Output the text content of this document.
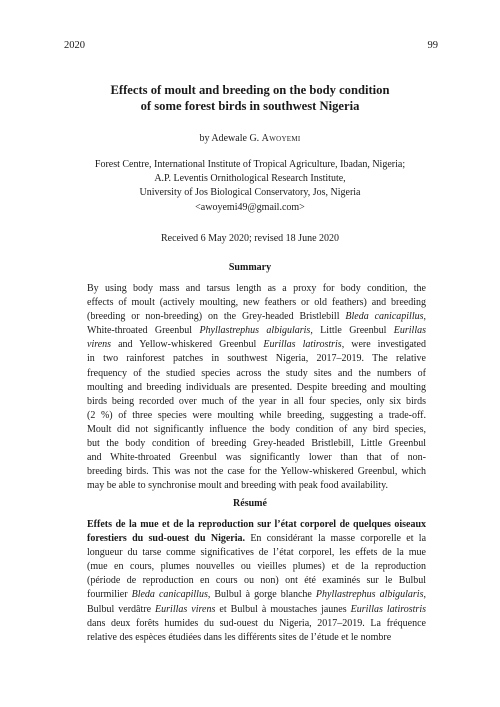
2020	99
Effects of moult and breeding on the body condition
of some forest birds in southwest Nigeria
by Adewale G. Awoyemi
Forest Centre, International Institute of Tropical Agriculture, Ibadan, Nigeria;
A.P. Leventis Ornithological Research Institute,
University of Jos Biological Conservatory, Jos, Nigeria
<awoyemi49@gmail.com>
Received 6 May 2020; revised 18 June 2020
Summary
By using body mass and tarsus length as a proxy for body condition, the
effects of moult (actively moulting, new feathers or old feathers) and breeding
(breeding or non-breeding) on the Grey-headed Bristlebill Bleda canicapillus,
White-throated Greenbul Phyllastrephus albigularis, Little Greenbul Eurillas
virens and Yellow-whiskered Greenbul Eurillas latirostris, were investigated
in two rainforest patches in southwest Nigeria, 2017–2019. The relative
frequency of the studied species across the study sites and the numbers of
moulting and breeding individuals are presented. Despite breeding and moulting
birds being recorded over much of the year in all four species, only six birds
(2 %) of three species were moulting while breeding, suggesting a trade-off.
Moult did not significantly influence the body condition of any bird species,
but the body condition of breeding Grey-headed Bristlebill, Little Greenbul
and White-throated Greenbul was significantly lower than that of non-
breeding birds. This was not the case for the Yellow-whiskered Greenbul, which
may be able to synchronise moult and breeding with peak food availability.
Résumé
Effets de la mue et de la reproduction sur l’état corporel de quelques oiseaux
forestiers du sud-ouest du Nigeria. En considérant la masse corporelle et la
longueur du tarse comme significatives de l’état corporel, les effets de la mue
(mue en cours, plumes nouvelles ou vieilles plumes) et de la reproduction
(période de reproduction en cours ou non) ont été examinés sur le Bulbul
fourmilier Bleda canicapillus, Bulbul à gorge blanche Phyllastrephus albigularis,
Bulbul verdâtre Eurillas virens et Bulbul à moustaches jaunes Eurillas latirostris
dans deux forêts humides du sud-ouest du Nigeria, 2017–2019. La fréquence
relative des espèces étudiées dans les différents sites de l’étude et le nombre
